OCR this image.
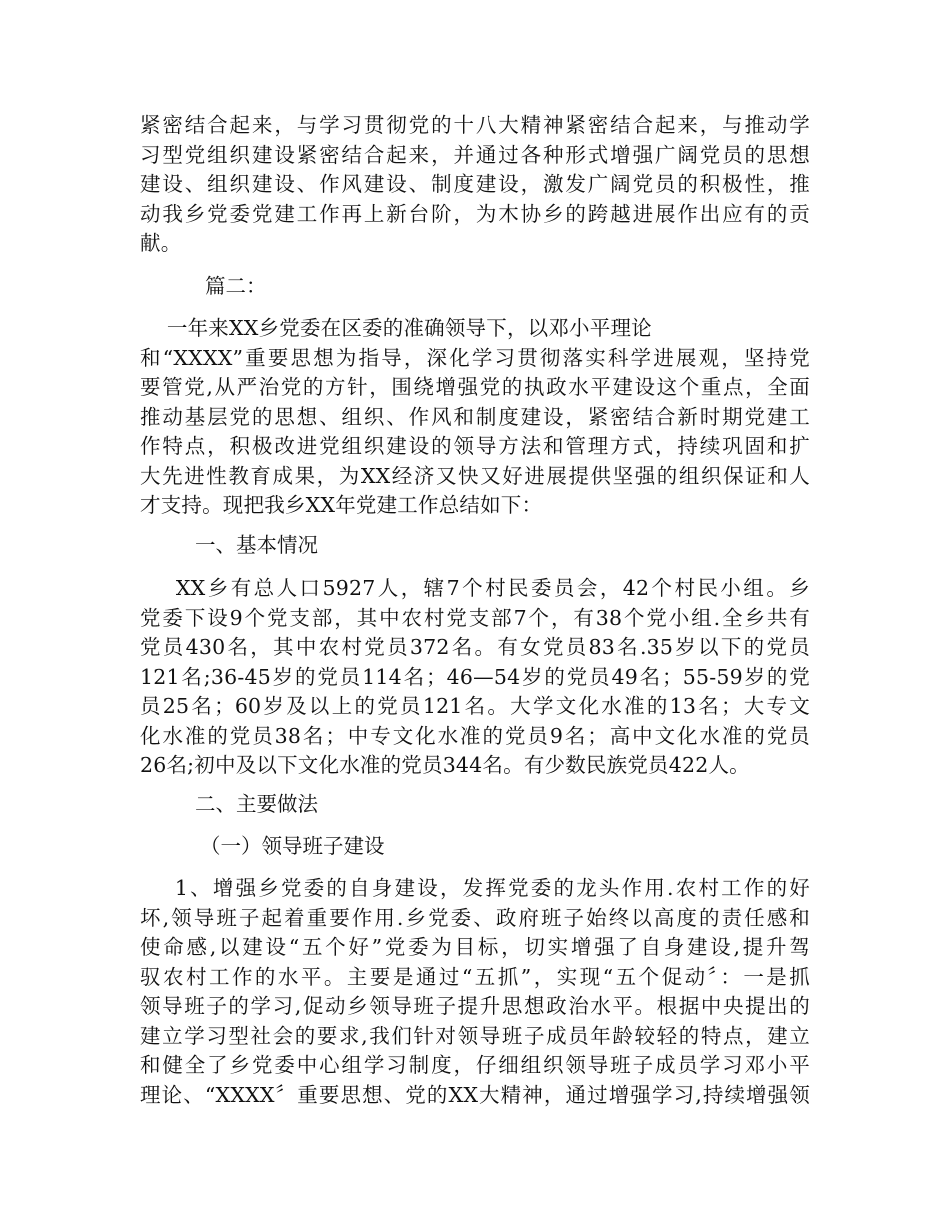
紧密结合起来，与学习贯彻党的十八大精神紧密结合起来，与推动学
习型党组织建设紧密结合起来，并通过各种形式增强广阔党员的思想
建设、组织建设、作风建设、制度建设，激发广阔党员的积极性，推
动我乡党委党建工作再上新台阶，为木协乡的跨越进展作出应有的贡
献。
篇二：
一年来XX乡党委在区委的准确领导下，以邓小平理论
和“XXXX”重要思想为指导，深化学习贯彻落实科学进展观，坚持党
要管党,从严治党的方针，围绕增强党的执政水平建设这个重点，全面
推动基层党的思想、组织、作风和制度建设，紧密结合新时期党建工
作特点，积极改进党组织建设的领导方法和管理方式，持续巩固和扩
大先进性教育成果，为XX经济又快又好进展提供坚强的组织保证和人
才支持。现把我乡XX年党建工作总结如下：
一、基本情况
XX乡有总人口5927人，辖7个村民委员会，42个村民小组。乡
党委下设9个党支部，其中农村党支部7个，有38个党小组.全乡共有
党员430名，其中农村党员372名。有女党员83名.35岁以下的党员
121名;36-45岁的党员114名；46—54岁的党员49名；55-59岁的党
员25名；60岁及以上的党员121名。大学文化水准的13名；大专文
化水准的党员38名；中专文化水准的党员9名；高中文化水准的党员
26名;初中及以下文化水准的党员344名。有少数民族党员422人。
二、主要做法
（一）领导班子建设
1、增强乡党委的自身建设，发挥党委的龙头作用.农村工作的好
坏,领导班子起着重要作用.乡党委、政府班子始终以高度的责任感和
使命感,以建设“五个好”党委为目标，切实增强了自身建设,提升驾
驭农村工作的水平。主要是通过“五抓”，实现“五个促动〞：一是抓
领导班子的学习,促动乡领导班子提升思想政治水平。根据中央提出的
建立学习型社会的要求,我们针对领导班子成员年龄较轻的特点，建立
和健全了乡党委中心组学习制度，仔细组织领导班子成员学习邓小平
理论、“XXXX〞重要思想、党的XX大精神，通过增强学习,持续增强领
